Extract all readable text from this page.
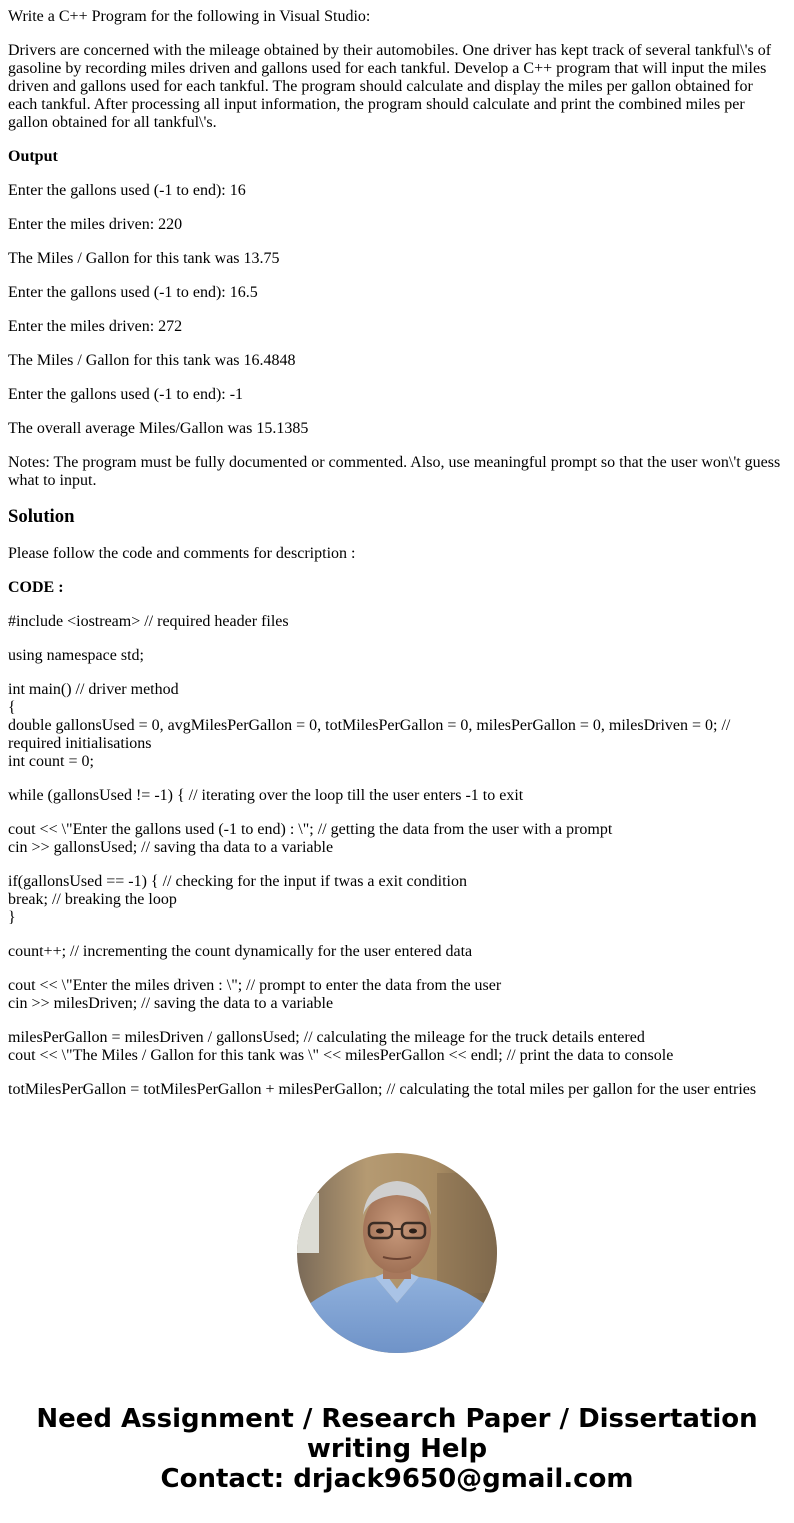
Write a C++ Program for the following in Visual Studio:

Drivers are concerned with the mileage obtained by their automobiles. One driver has kept track of several tankful\'s of gasoline by recording miles driven and gallons used for each tankful. Develop a C++ program that will input the miles driven and gallons used for each tankful. The program should calculate and display the miles per gallon obtained for each tankful. After processing all input information, the program should calculate and print the combined miles per gallon obtained for all tankful\'s.

Output

Enter the gallons used (-1 to end): 16

Enter the miles driven: 220

The Miles / Gallon for this tank was 13.75

Enter the gallons used (-1 to end): 16.5

Enter the miles driven: 272

The Miles / Gallon for this tank was 16.4848

Enter the gallons used (-1 to end): -1

The overall average Miles/Gallon was 15.1385

Notes: The program must be fully documented or commented. Also, use meaningful prompt so that the user won\'t guess what to input.

Solution

Please follow the code and comments for description :

CODE :

#include <iostream> // required header files

using namespace std;

int main() // driver method
{
double gallonsUsed = 0, avgMilesPerGallon = 0, totMilesPerGallon = 0, milesPerGallon = 0, milesDriven = 0; // required initialisations
int count = 0;

while (gallonsUsed != -1) { // iterating over the loop till the user enters -1 to exit

cout << \"Enter the gallons used (-1 to end) : \"; // getting the data from the user with a prompt
cin >> gallonsUsed; // saving tha data to a variable

if(gallonsUsed == -1) { // checking for the input if twas a exit condition
break; // breaking the loop
}

count++; // incrementing the count dynamically for the user entered data

cout << \"Enter the miles driven : \"; // prompt to enter the data from the user
cin >> milesDriven; // saving the data to a variable

milesPerGallon = milesDriven / gallonsUsed; // calculating the mileage for the truck details entered
cout << \"The Miles / Gallon for this tank was \" << milesPerGallon << endl; // print the data to console

totMilesPerGallon = totMilesPerGallon + milesPerGallon; // calculating the total miles per gallon for the user entries

Need Assignment / Research Paper / Dissertation
writing Help
Contact: drjack9650@gmail.com
